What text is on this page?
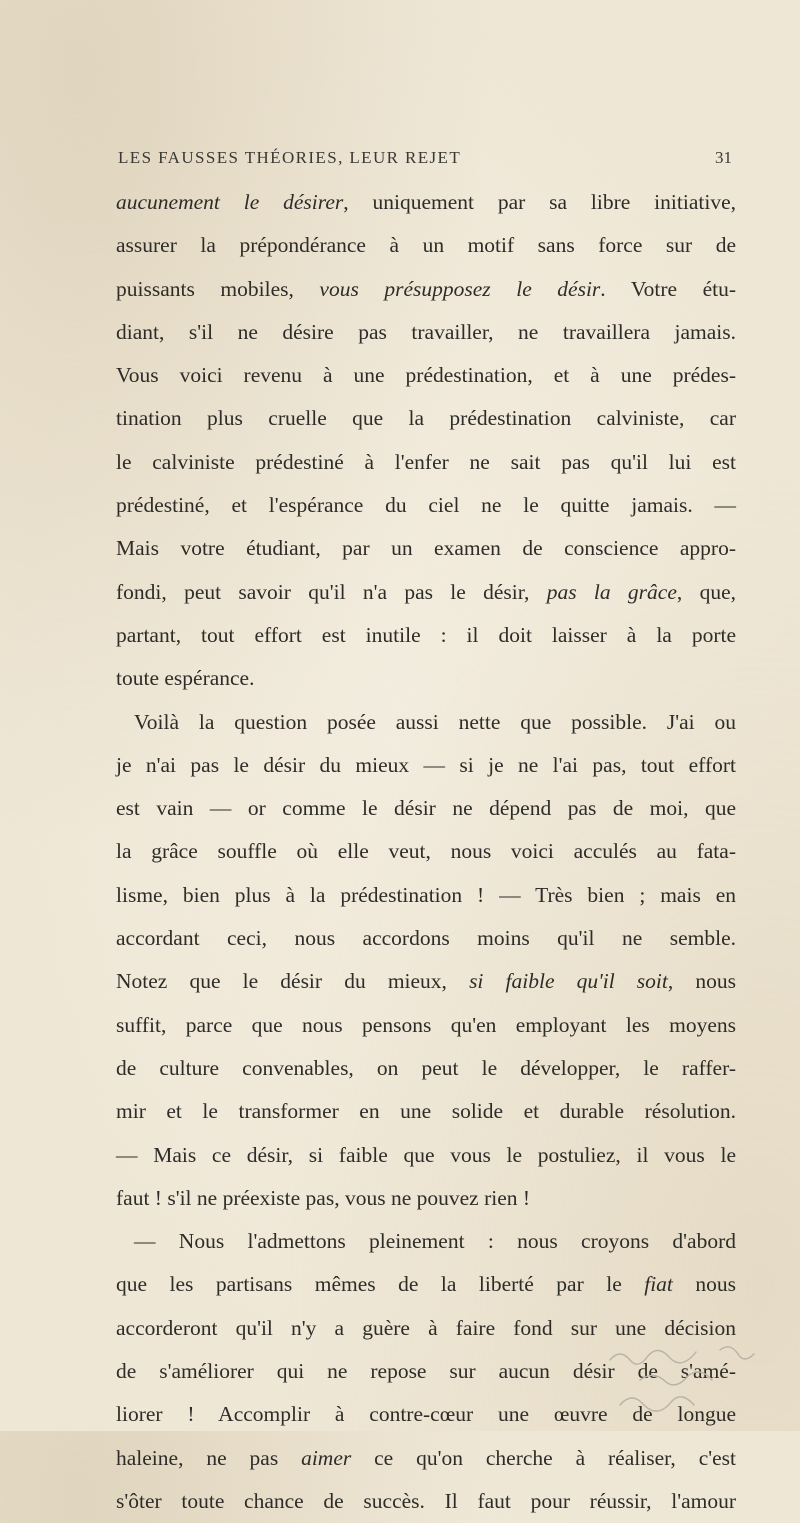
LES FAUSSES THÉORIES, LEUR REJET	31
aucunement le désirer, uniquement par sa libre initiative,
assurer la prépondérance à un motif sans force sur de
puissants mobiles, vous présupposez le désir. Votre étu-
diant, s'il ne désire pas travailler, ne travaillera jamais.
Vous voici revenu à une prédestination, et à une prédes-
tination plus cruelle que la prédestination calviniste, car
le calviniste prédestiné à l'enfer ne sait pas qu'il lui est
prédestiné, et l'espérance du ciel ne le quitte jamais. —
Mais votre étudiant, par un examen de conscience appro-
fondi, peut savoir qu'il n'a pas le désir, pas la grâce, que,
partant, tout effort est inutile : il doit laisser à la porte
toute espérance.
Voilà la question posée aussi nette que possible. J'ai ou
je n'ai pas le désir du mieux — si je ne l'ai pas, tout effort
est vain — or comme le désir ne dépend pas de moi, que
la grâce souffle où elle veut, nous voici acculés au fata-
lisme, bien plus à la prédestination ! — Très bien ; mais en
accordant ceci, nous accordons moins qu'il ne semble.
Notez que le désir du mieux, si faible qu'il soit, nous
suffit, parce que nous pensons qu'en employant les moyens
de culture convenables, on peut le développer, le raffer-
mir et le transformer en une solide et durable résolution.
— Mais ce désir, si faible que vous le postuliez, il vous le
faut ! s'il ne préexiste pas, vous ne pouvez rien !
— Nous l'admettons pleinement : nous croyons d'abord
que les partisans mêmes de la liberté par le fiat nous
accorderont qu'il n'y a guère à faire fond sur une décision
de s'améliorer qui ne repose sur aucun désir de s'amé-
liorer ! Accomplir à contre-cœur une œuvre de longue
haleine, ne pas aimer ce qu'on cherche à réaliser, c'est
s'ôter toute chance de succès. Il faut pour réussir, l'amour
